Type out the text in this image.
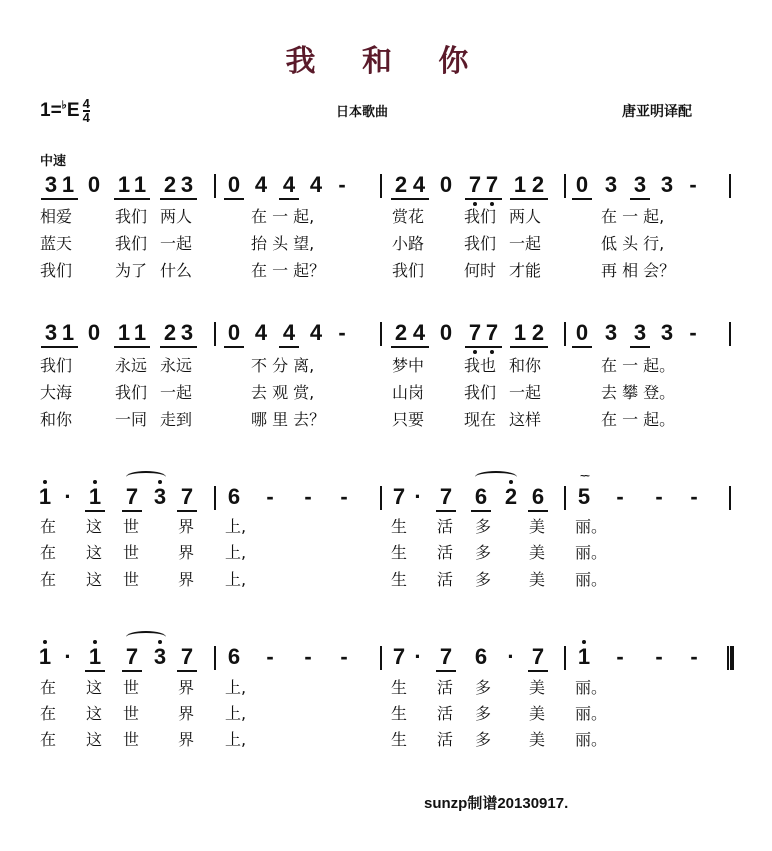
我 和 你
$1=^♭E \frac{4}{4}$	日本歌曲	唐亚明译配
中速
3 1 0 1 1 2 3 0 4 4 4 - 2 4 0 7 7 1 2 0 3 3 3 -
相爱	我们 两人	在 一 起,	赏花 我们 两人	在 一 起,
蓝天	我们 一起	抬 头 望,	小路 我们 一起	低 头 行,
我们	为了 什么	在 一 起？	我们 何时 才能	再 相 会？
3 1 0 1 1 2 3 0 4 4 4 - 2 4 0 7 7 1 2 0 3 3 3 -
我们	永远 永远	不 分 离,	梦中 我也 和你	在 一 起。
大海	我们 一起	去 观 赏,	山岗 我们 一起	去 攀 登。
和你	一同 走到	哪 里 去？	只要 现在 这样	在 一 起。
1 · 1 7 3 7 6 - - - 7 · 7 6 2 6 5
~~
- - -
在 这 世 界 上,	生 活 多 美 丽。
在 这 世 界 上,	生 活 多 美 丽。
在 这 世 界 上,	生 活 多 美 丽。
1 · 1 7 3 7 6 - - - 7 · 7 6 · 7 1 - - -
在 这 世 界 上,	生 活 多 美 丽。
在 这 世 界 上,	生 活 多 美 丽。
在 这 世 界 上,	生 活 多 美 丽。
sunzp制谱20130917.
